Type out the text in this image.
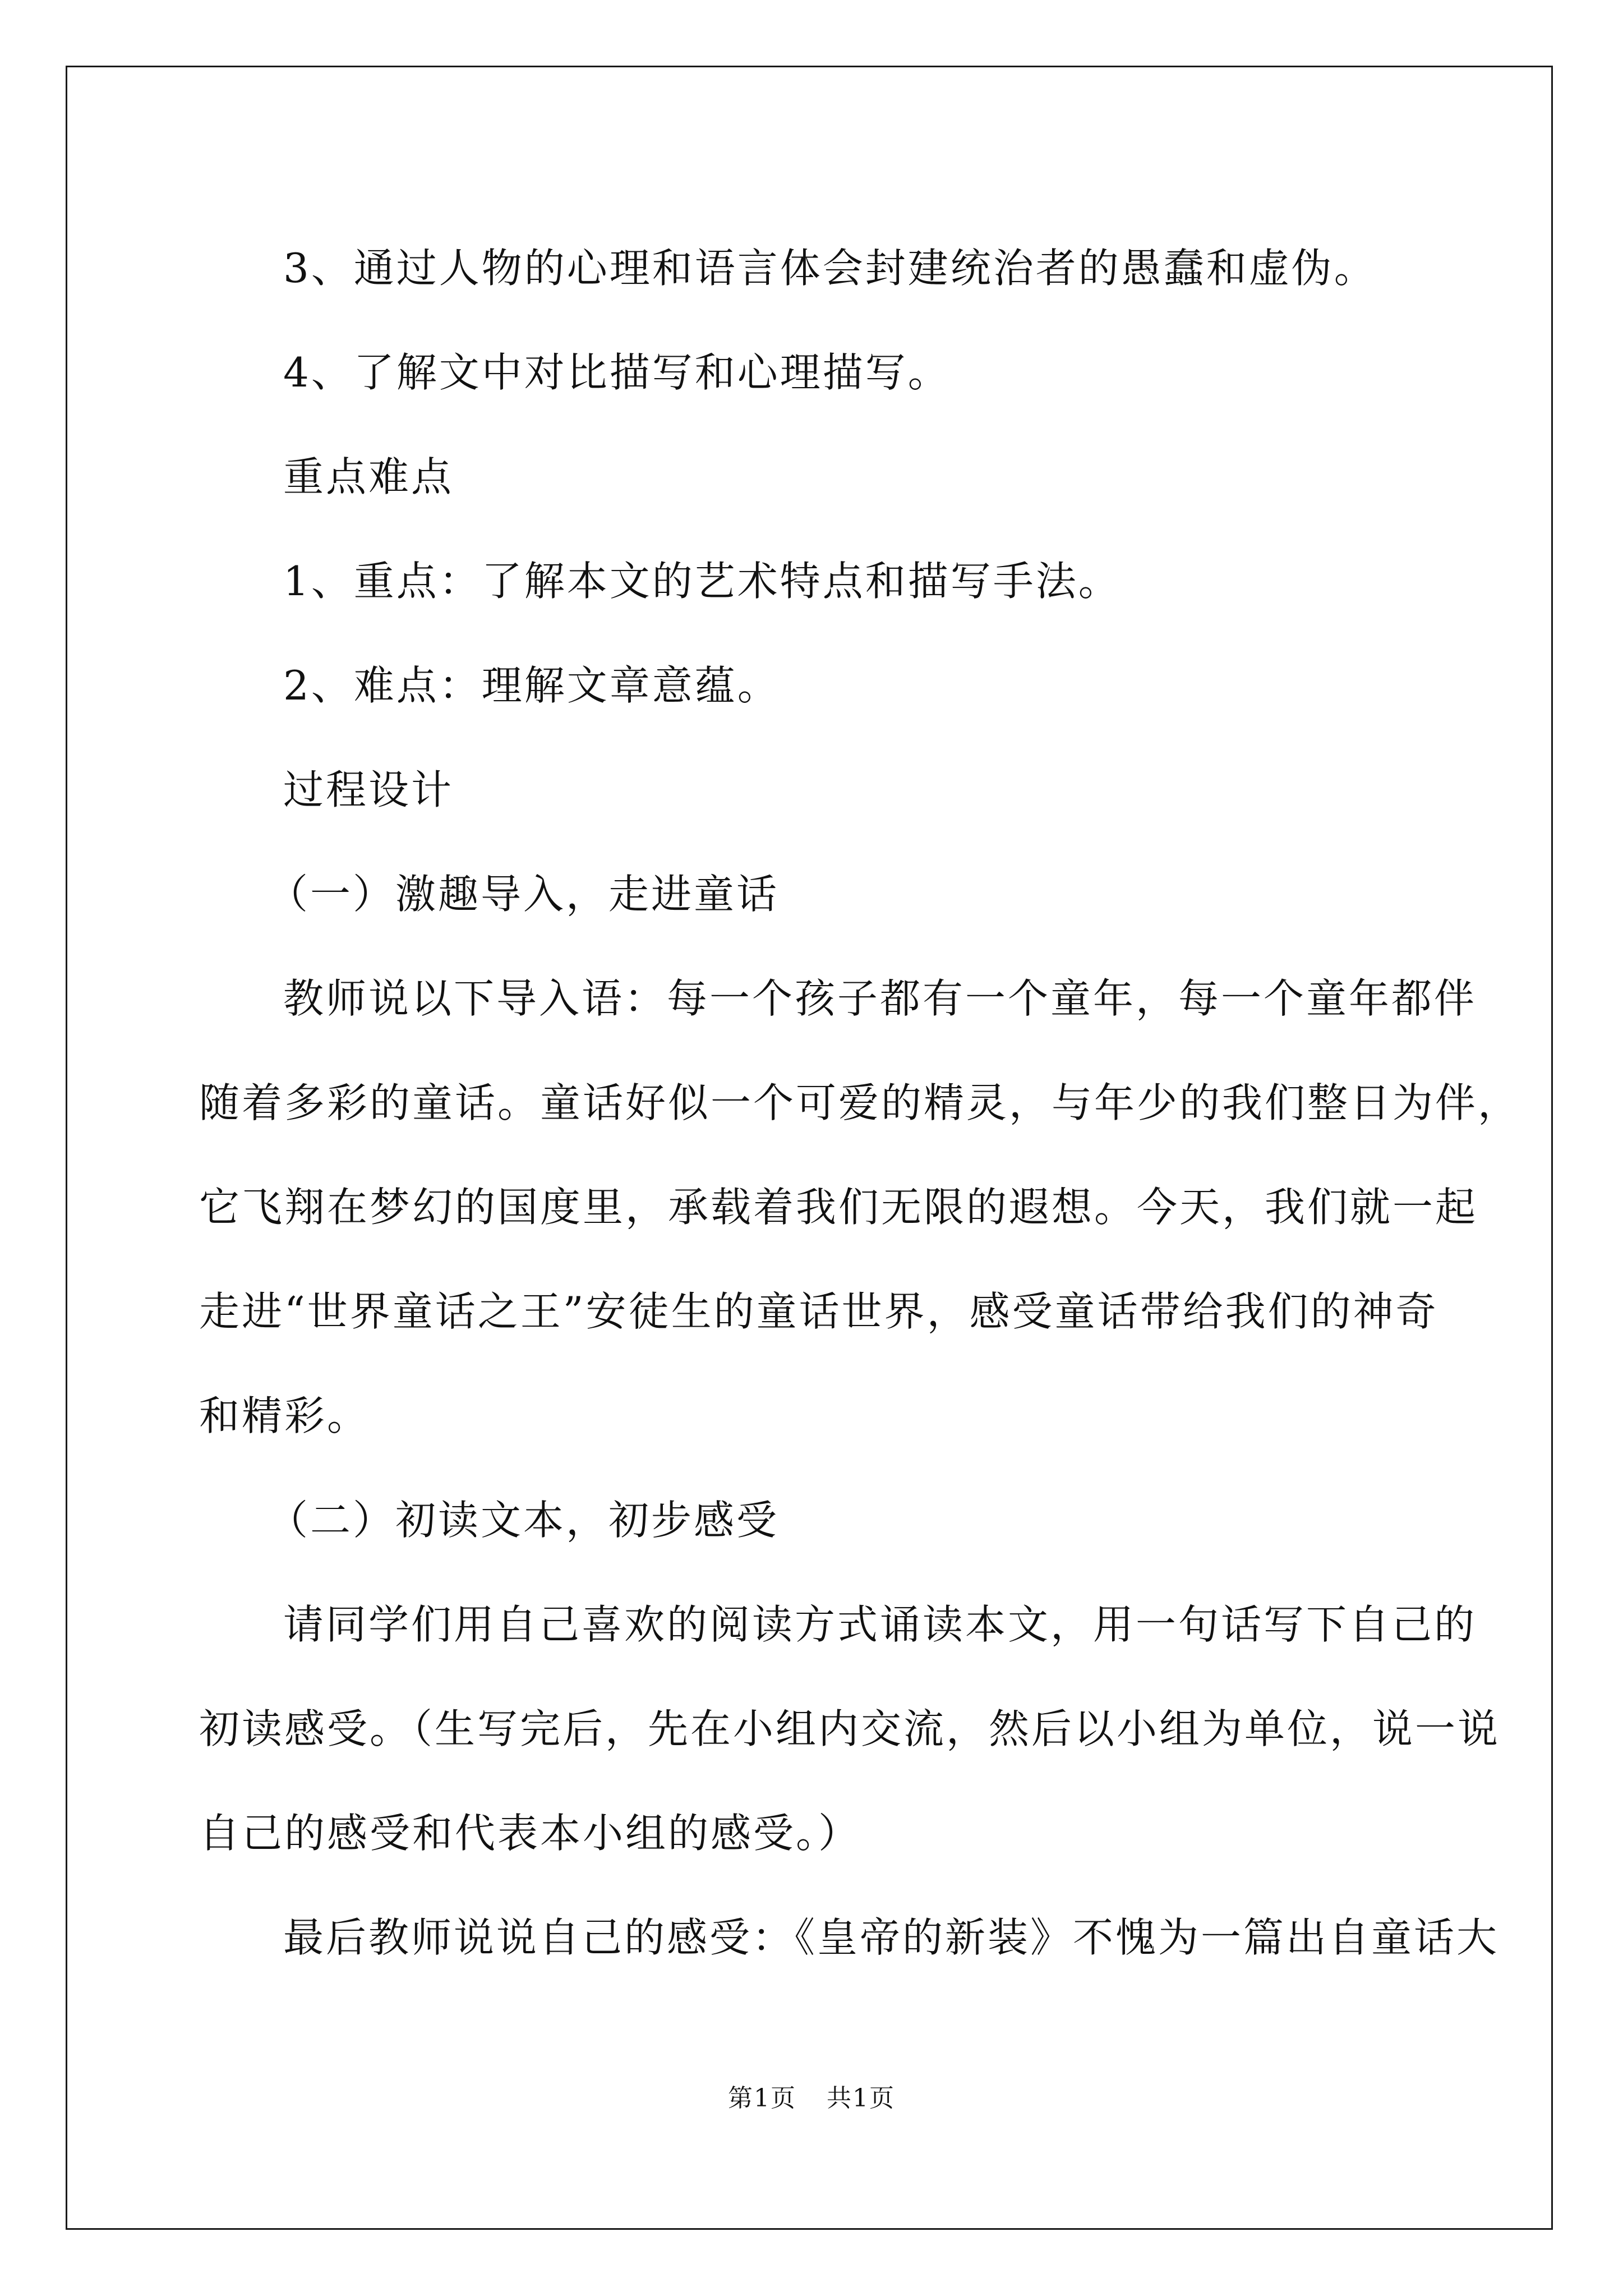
3、通过人物的心理和语言体会封建统治者的愚蠢和虚伪。

4、了解文中对比描写和心理描写。

重点难点

1、重点：了解本文的艺术特点和描写手法。

2、难点：理解文章意蕴。

过程设计

（一）激趣导入，走进童话

教师说以下导入语：每一个孩子都有一个童年，每一个童年都伴

随着多彩的童话。童话好似一个可爱的精灵，与年少的我们整日为伴，

它飞翔在梦幻的国度里，承载着我们无限的遐想。今天，我们就一起

走进“世界童话之王”安徒生的童话世界，感受童话带给我们的神奇

和精彩。

（二）初读文本，初步感受

请同学们用自己喜欢的阅读方式诵读本文，用一句话写下自己的

初读感受。（生写完后，先在小组内交流，然后以小组为单位，说一说

自己的感受和代表本小组的感受。）

最后教师说说自己的感受：《皇帝的新装》不愧为一篇出自童话大

第1页 共1页
